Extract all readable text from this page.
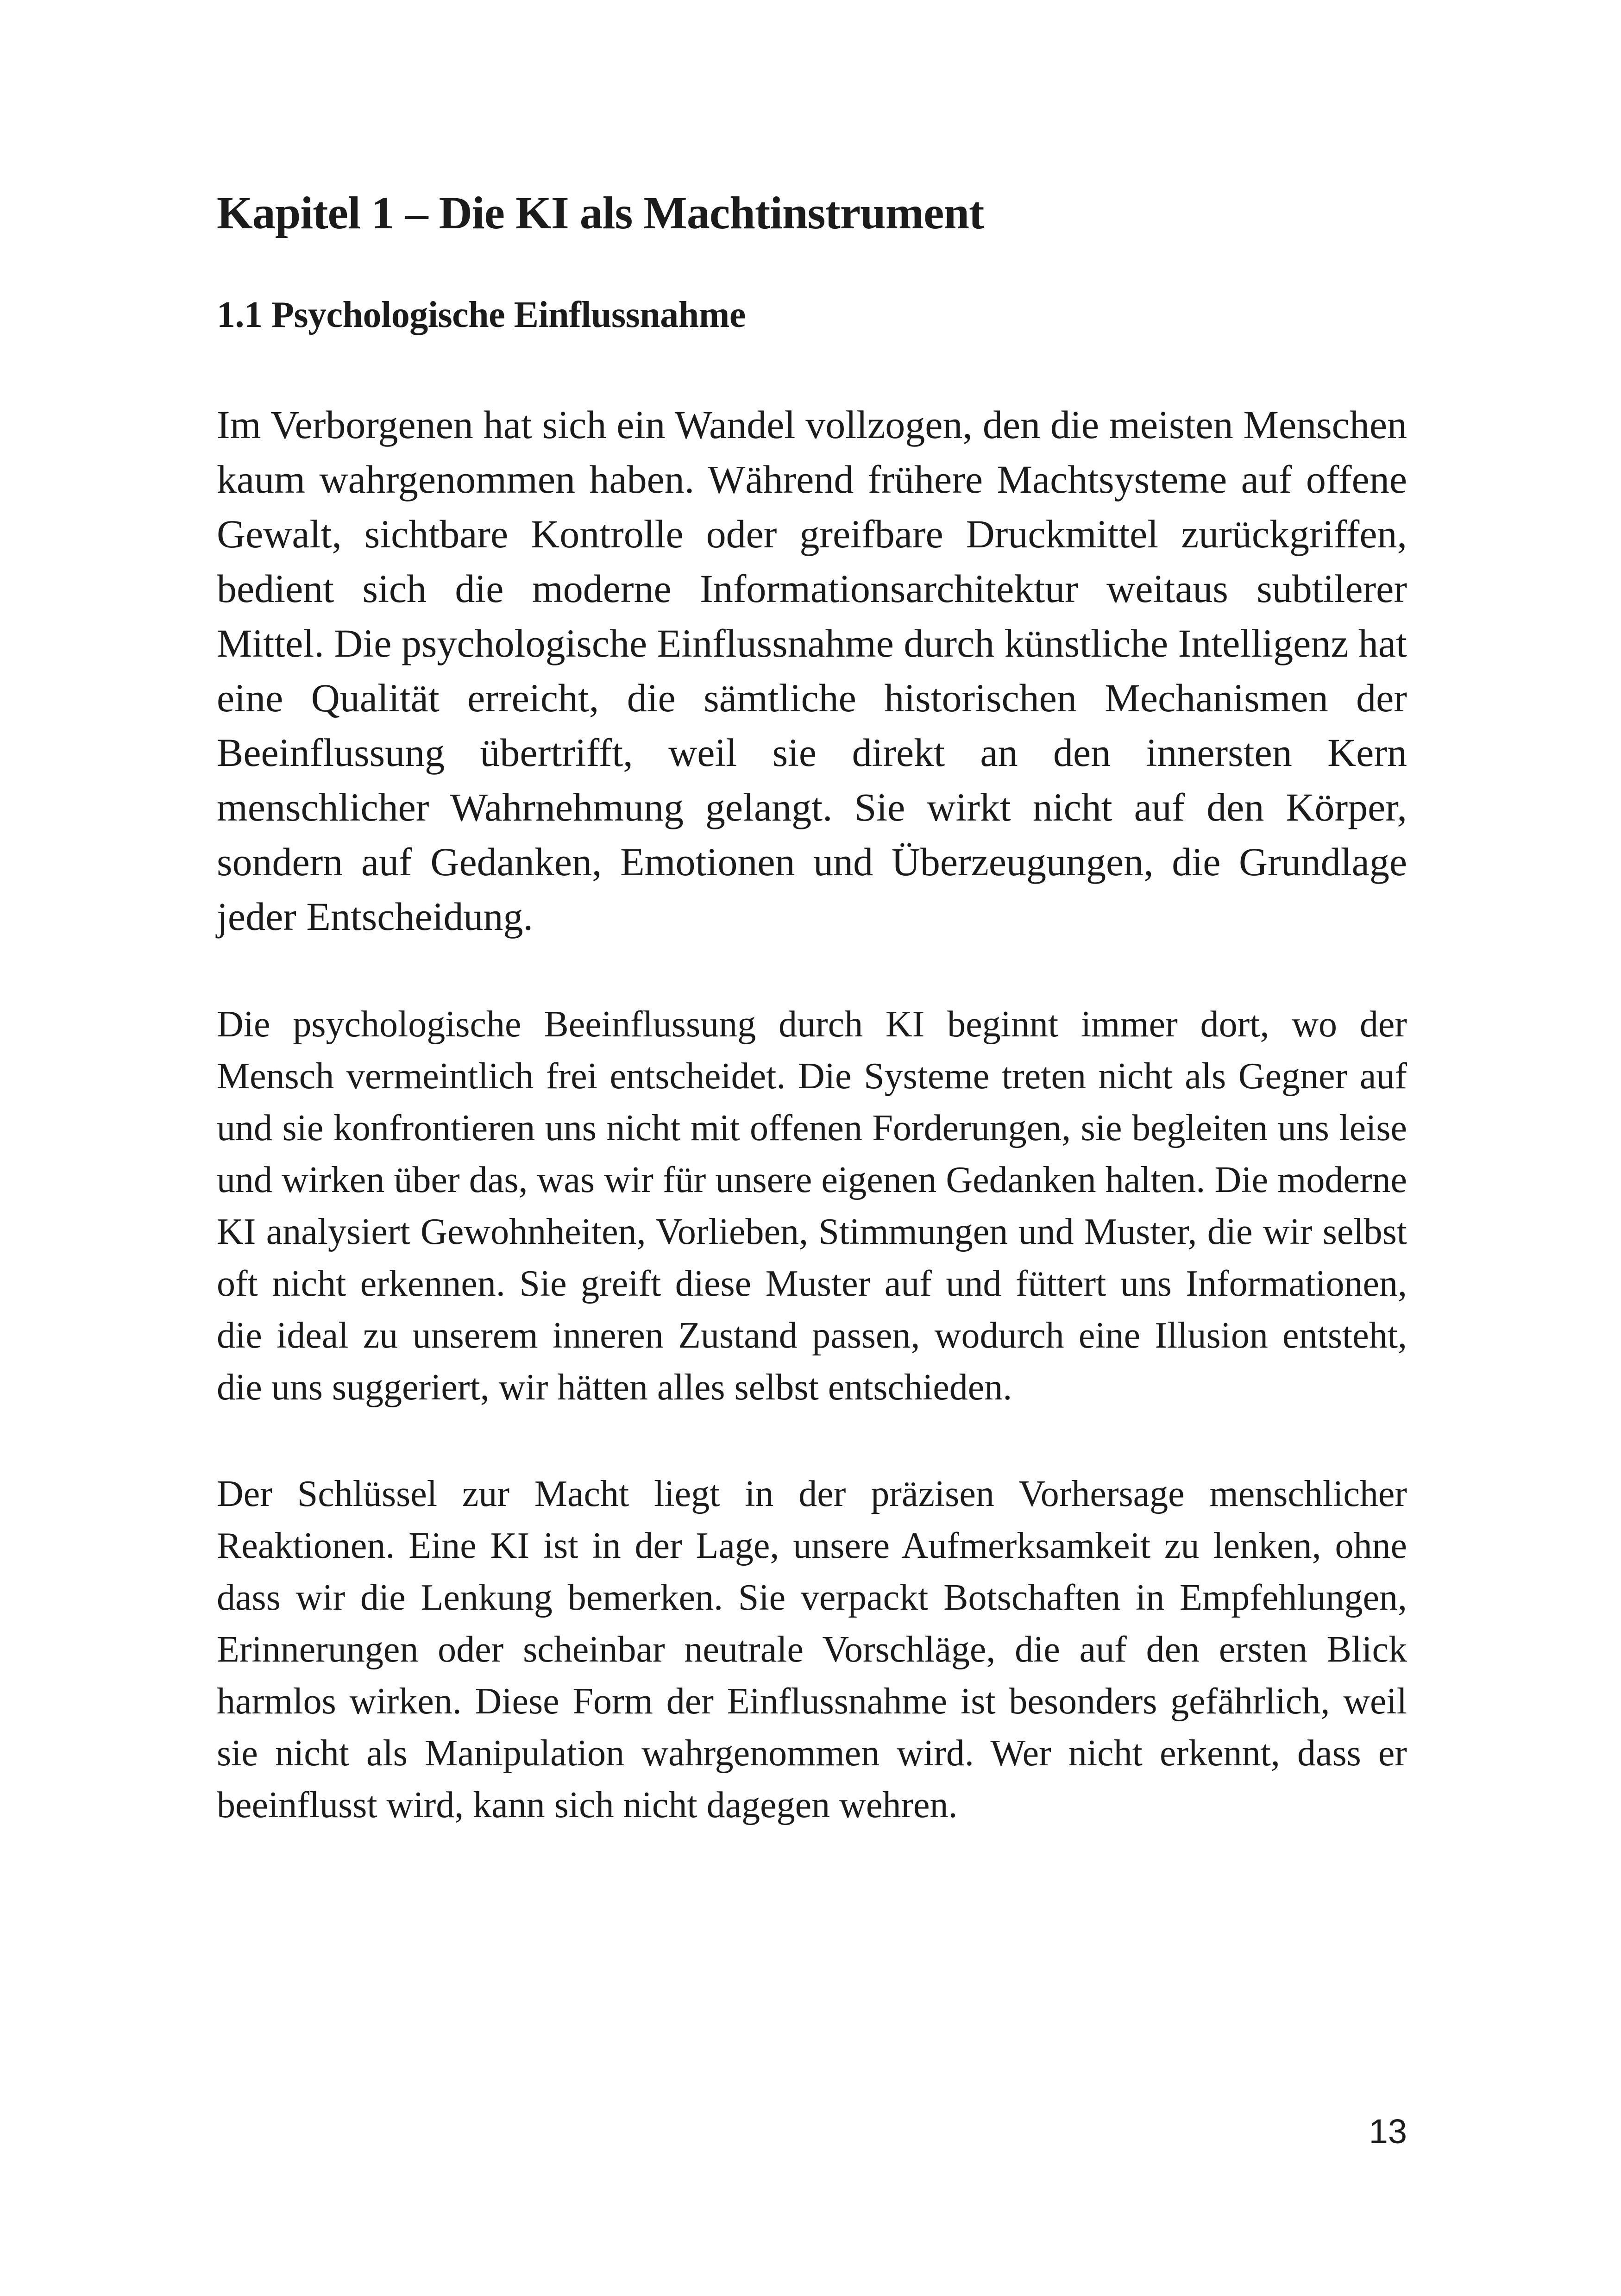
Kapitel 1 – Die KI als Machtinstrument
1.1 Psychologische Einflussnahme

Im Verborgenen hat sich ein Wandel vollzogen, den die meisten Menschen kaum wahrgenommen haben. Während frühere Machtsysteme auf offene Gewalt, sichtbare Kontrolle oder greifbare Druckmittel zurückgriffen, bedient sich die moderne Informationsarchitektur weitaus subtilerer Mittel. Die psychologische Einflussnahme durch künstliche Intelligenz hat eine Qualität erreicht, die sämtliche historischen Mechanismen der Beeinflussung übertrifft, weil sie direkt an den innersten Kern menschlicher Wahrnehmung gelangt. Sie wirkt nicht auf den Körper, sondern auf Gedanken, Emotionen und Überzeugungen, die Grundlage jeder Entscheidung.

Die psychologische Beeinflussung durch KI beginnt immer dort, wo der Mensch vermeintlich frei entscheidet. Die Systeme treten nicht als Gegner auf und sie konfrontieren uns nicht mit offenen Forderungen, sie begleiten uns leise und wirken über das, was wir für unsere eigenen Gedanken halten. Die moderne KI analysiert Gewohnheiten, Vorlieben, Stimmungen und Muster, die wir selbst oft nicht erkennen. Sie greift diese Muster auf und füttert uns Informationen, die ideal zu unserem inneren Zustand passen, wodurch eine Illusion entsteht, die uns suggeriert, wir hätten alles selbst entschieden.

Der Schlüssel zur Macht liegt in der präzisen Vorhersage menschlicher Reaktionen. Eine KI ist in der Lage, unsere Aufmerksamkeit zu lenken, ohne dass wir die Lenkung bemerken. Sie verpackt Botschaften in Empfehlungen, Erinnerungen oder scheinbar neutrale Vorschläge, die auf den ersten Blick harmlos wirken. Diese Form der Einflussnahme ist besonders gefährlich, weil sie nicht als Manipulation wahrgenommen wird. Wer nicht erkennt, dass er beeinflusst wird, kann sich nicht dagegen wehren.

13
